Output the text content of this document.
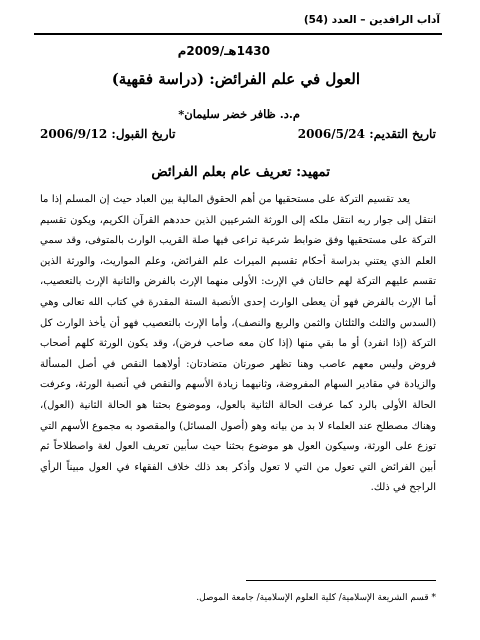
آداب الرافدين – العدد (54)
1430هـ/2009م
العول في علم الفرائض: (دراسة فقهية)
م.د. ظافر خضر سليمان*
تاريخ التقديم: 2006/5/24
تاريخ القبول: 2006/9/12
تمهيد: تعريف عام بعلم الفرائض
يعد تقسيم التركة على مستحقيها من أهم الحقوق المالية بين العباد حيث إن المسلم إذا ما انتقل إلى جوار ربه انتقل ملكه إلى الورثة الشرعيين الذين حددهم القرآن الكريم، ويكون تقسيم التركة على مستحقيها وفق ضوابط شرعية تراعى فيها صلة القريب الوارث بالمتوفى، وقد سمي العلم الذي يعتني بدراسة أحكام تقسيم الميراث علم الفرائض، وعلم المواريث، والورثة الذين تقسم عليهم التركة لهم حالتان في الإرث: الأولى منهما الإرث بالفرض والثانية الإرث بالتعصيب، أما الإرث بالفرض فهو أن يعطى الوارث إحدى الأنصبة الستة المقدرة في كتاب الله تعالى وهي (السدس والثلث والثلثان والثمن والربع والنصف)، وأما الإرث بالتعصيب فهو أن يأخذ الوارث كل التركة (إذا انفرد) أو ما بقي منها (إذا كان معه صاحب فرض)، وقد يكون الورثة كلهم أصحاب فروض وليس معهم عاصب وهنا تظهر صورتان متضادتان: أولاهما النقص في أصل المسألة والزيادة في مقادير السهام المفروضة، وثانيهما زيادة الأسهم والنقص في أنصبة الورثة، وعرفت الحالة الأولى بالرد كما عرفت الحالة الثانية بالعول، وموضوع بحثنا هو الحالة الثانية (العول)، وهناك مصطلح عند العلماء لا بد من بيانه وهو (أصول المسائل) والمقصود به مجموع الأسهم التي توزع على الورثة، وسيكون العول هو موضوع بحثنا حيث سأبين تعريف العول لغة واصطلاحاً ثم أبين الفرائض التي تعول من التي لا تعول وأذكر بعد ذلك خلاف الفقهاء في العول مبيناً الرأي الراجح في ذلك.
* قسم الشريعة الإسلامية/ كلية العلوم الإسلامية/ جامعة الموصل.
